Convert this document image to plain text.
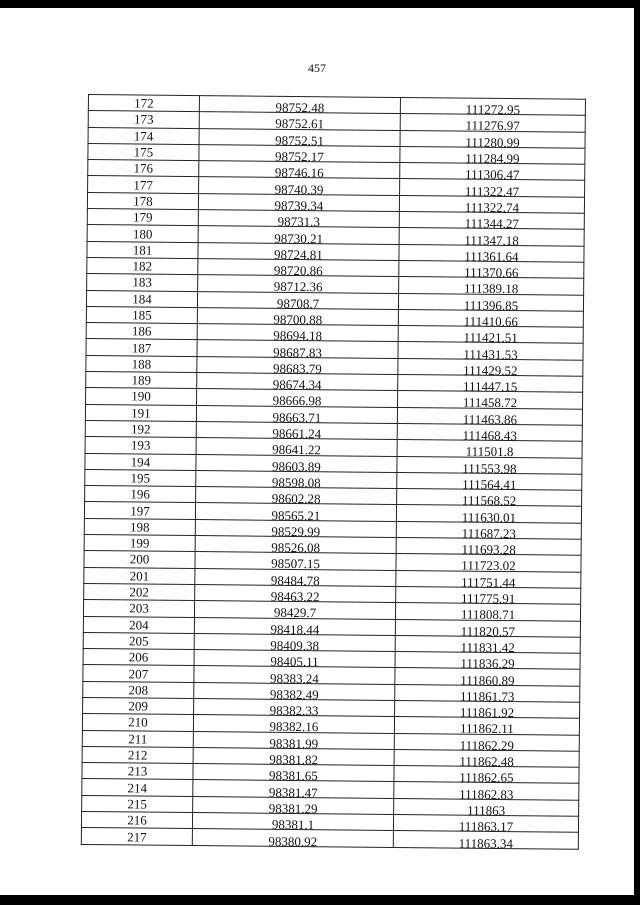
457
172	98752.48	111272.95
173	98752.61	111276.97
174	98752.51	111280.99
175	98752.17	111284.99
176	98746.16	111306.47
177	98740.39	111322.47
178	98739.34	111322.74
179	98731.3	111344.27
180	98730.21	111347.18
181	98724.81	111361.64
182	98720.86	111370.66
183	98712.36	111389.18
184	98708.7	111396.85
185	98700.88	111410.66
186	98694.18	111421.51
187	98687.83	111431.53
188	98683.79	111429.52
189	98674.34	111447.15
190	98666.98	111458.72
191	98663.71	111463.86
192	98661.24	111468.43
193	98641.22	111501.8
194	98603.89	111553.98
195	98598.08	111564.41
196	98602.28	111568.52
197	98565.21	111630.01
198	98529.99	111687.23
199	98526.08	111693.28
200	98507.15	111723.02
201	98484.78	111751.44
202	98463.22	111775.91
203	98429.7	111808.71
204	98418.44	111820.57
205	98409.38	111831.42
206	98405.11	111836.29
207	98383.24	111860.89
208	98382.49	111861.73
209	98382.33	111861.92
210	98382.16	111862.11
211	98381.99	111862.29
212	98381.82	111862.48
213	98381.65	111862.65
214	98381.47	111862.83
215	98381.29	111863
216	98381.1	111863.17
217	98380.92	111863.34
